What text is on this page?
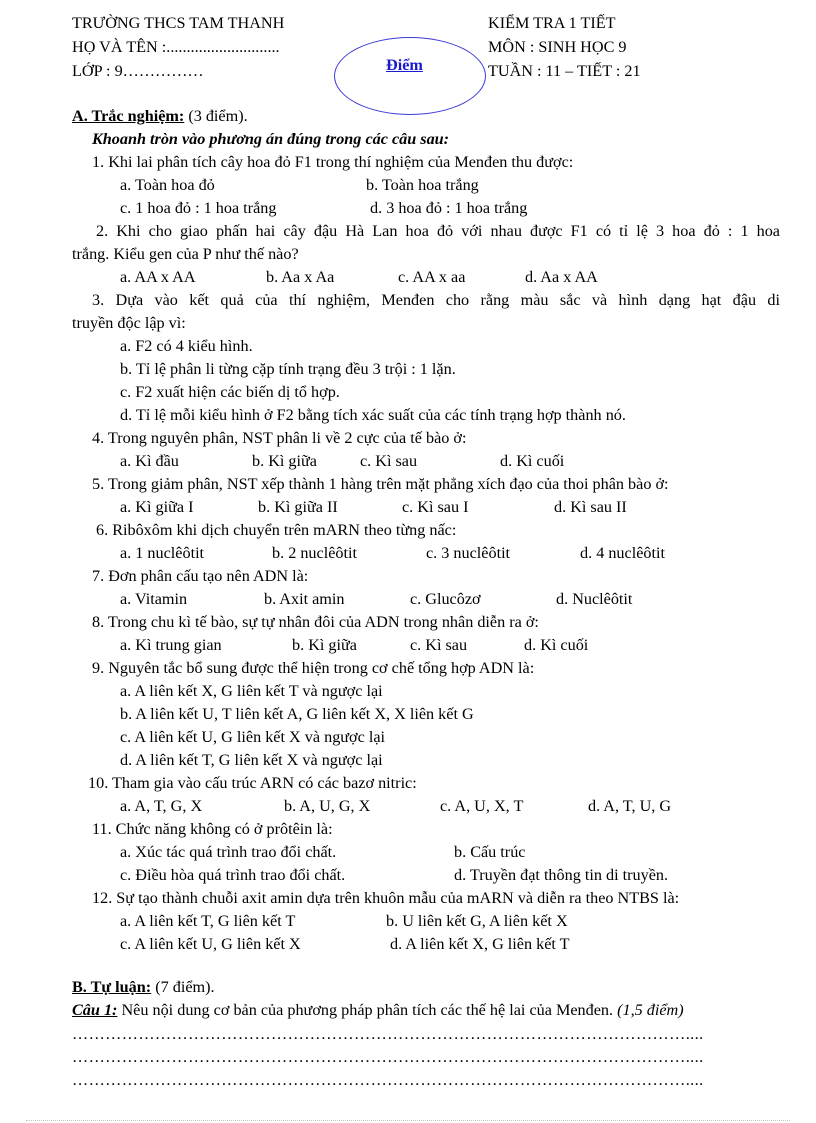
TRƯỜNG THCS TAM THANH
HỌ VÀ TÊN :............................
LỚP : 9……………	Điểm
KIỂM TRA 1 TIẾT
MÔN : SINH HỌC 9
TUẦN : 11 – TIẾT : 21
A. Trắc nghiệm: (3 điểm).
Khoanh tròn vào phương án đúng trong các câu sau:
1. Khi lai phân tích cây hoa đỏ F1 trong thí nghiệm của Menđen thu được:
a. Toàn hoa đỏ	b. Toàn hoa trắng
c. 1 hoa đỏ : 1 hoa trắng	d. 3 hoa đỏ : 1 hoa trắng
2. Khi cho giao phấn hai cây đậu Hà Lan hoa đỏ với nhau được F1 có tỉ lệ 3 hoa đỏ : 1 hoa
trắng. Kiểu gen của P như thế nào?
a. AA x AA	b. Aa x Aa	c. AA x aa	d. Aa x AA
3. Dựa vào kết quả của thí nghiệm, Menđen cho rằng màu sắc và hình dạng hạt đậu di
truyền độc lập vì:
a. F2 có 4 kiểu hình.
b. Tỉ lệ phân li từng cặp tính trạng đều 3 trội : 1 lặn.
c. F2 xuất hiện các biến dị tổ hợp.
d. Tỉ lệ mỗi kiểu hình ở F2 bằng tích xác suất của các tính trạng hợp thành nó.
4. Trong nguyên phân, NST phân li về 2 cực của tế bào ở:
a. Kì đầu	b. Kì giữa	c. Kì sau	d. Kì cuối
5. Trong giảm phân, NST xếp thành 1 hàng trên mặt phẳng xích đạo của thoi phân bào ở:
a. Kì giữa I	b. Kì giữa II	c. Kì sau I	d. Kì sau II
6. Ribôxôm khi dịch chuyển trên mARN theo từng nấc:
a. 1 nuclêôtit	b. 2 nuclêôtit	c. 3 nuclêôtit	d. 4 nuclêôtit
7. Đơn phân cấu tạo nên ADN là:
a. Vitamin	b. Axit amin	c. Glucôzơ	d. Nuclêôtit
8. Trong chu kì tế bào, sự tự nhân đôi của ADN trong nhân diễn ra ở:
a. Kì trung gian	b. Kì giữa	c. Kì sau	d. Kì cuối
9. Nguyên tắc bổ sung được thể hiện trong cơ chế tổng hợp ADN là:
a. A liên kết X, G liên kết T và ngược lại
b. A liên kết U, T liên kết A, G liên kết X, X liên kết G
c. A liên kết U, G liên kết X và ngược lại
d. A liên kết T, G liên kết X và ngược lại
10. Tham gia vào cấu trúc ARN có các bazơ nitric:
a. A, T, G, X	b. A, U, G, X	c. A, U, X, T	d. A, T, U, G
11. Chức năng không có ở prôtêin là:
a. Xúc tác quá trình trao đổi chất.	b. Cấu trúc
c. Điều hòa quá trình trao đổi chất.	d. Truyền đạt thông tin di truyền.
12. Sự tạo thành chuỗi axit amin dựa trên khuôn mẫu của mARN và diễn ra theo NTBS là:
a. A liên kết T, G liên kết T	b. U liên kết G, A liên kết X
c. A liên kết U, G liên kết X	d. A liên kết X, G liên kết T
B. Tự luận: (7 điểm).
Câu 1: Nêu nội dung cơ bản của phương pháp phân tích các thế hệ lai của Menđen. (1,5 điểm)
…………………………………………………………………………………………………....
…………………………………………………………………………………………………....
…………………………………………………………………………………………………....
